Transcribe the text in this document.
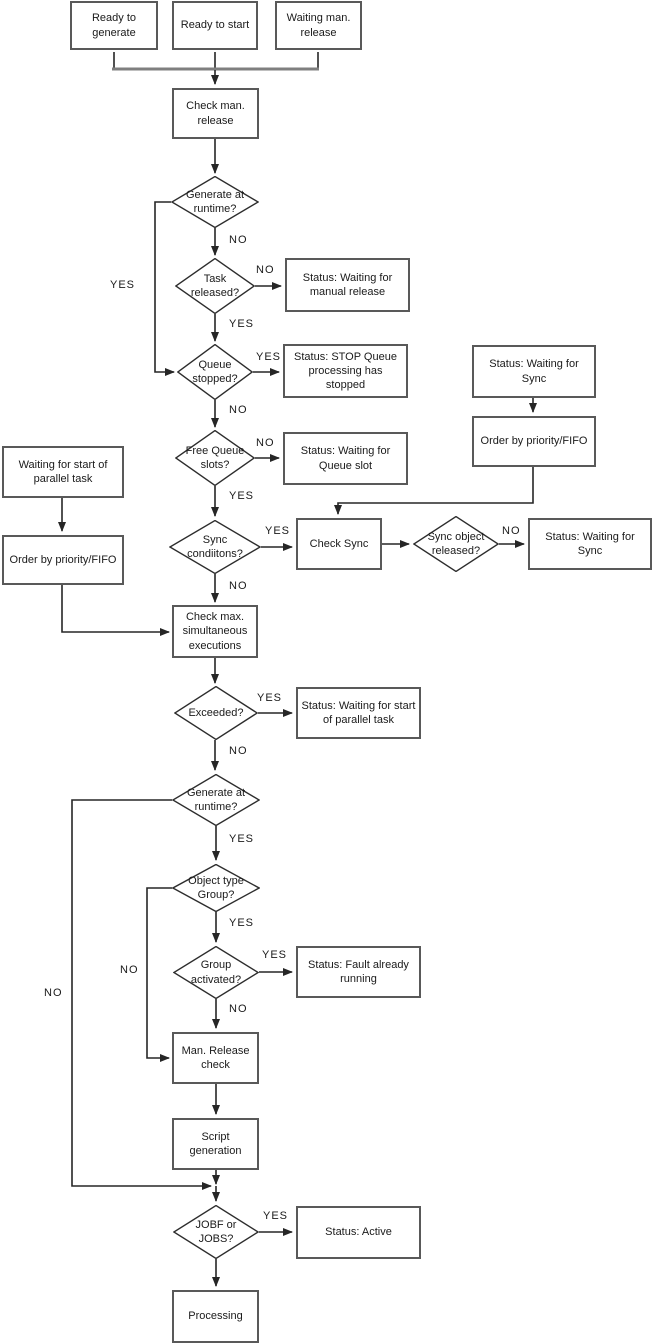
Ready to generate
Ready to start
Waiting man. release
Check man. release
Status: Waiting for manual release
Status: STOP Queue processing has stopped
Status: Waiting for Queue slot
Status: Waiting for Sync
Order by priority/FIFO
Check Sync
Status: Waiting for Sync
Waiting for start of parallel task
Order by priority/FIFO
Check max. simultaneous executions
Status: Waiting for start of parallel task
Status: Fault already running
Man. Release check
Script generation
Status: Active
Processing
Generate at runtime?
Task released?
Queue stopped?
Free Queue slots?
Sync condiitons?
Sync object released?
Exceeded?
Generate at runtime?
Object type Group?
Group activated?
JOBF or JOBS?
NO
YES
NO
YES
YES
NO
NO
YES
YES
NO
NO
YES
NO
YES
NO
NO
YES
YES
NO
YES
